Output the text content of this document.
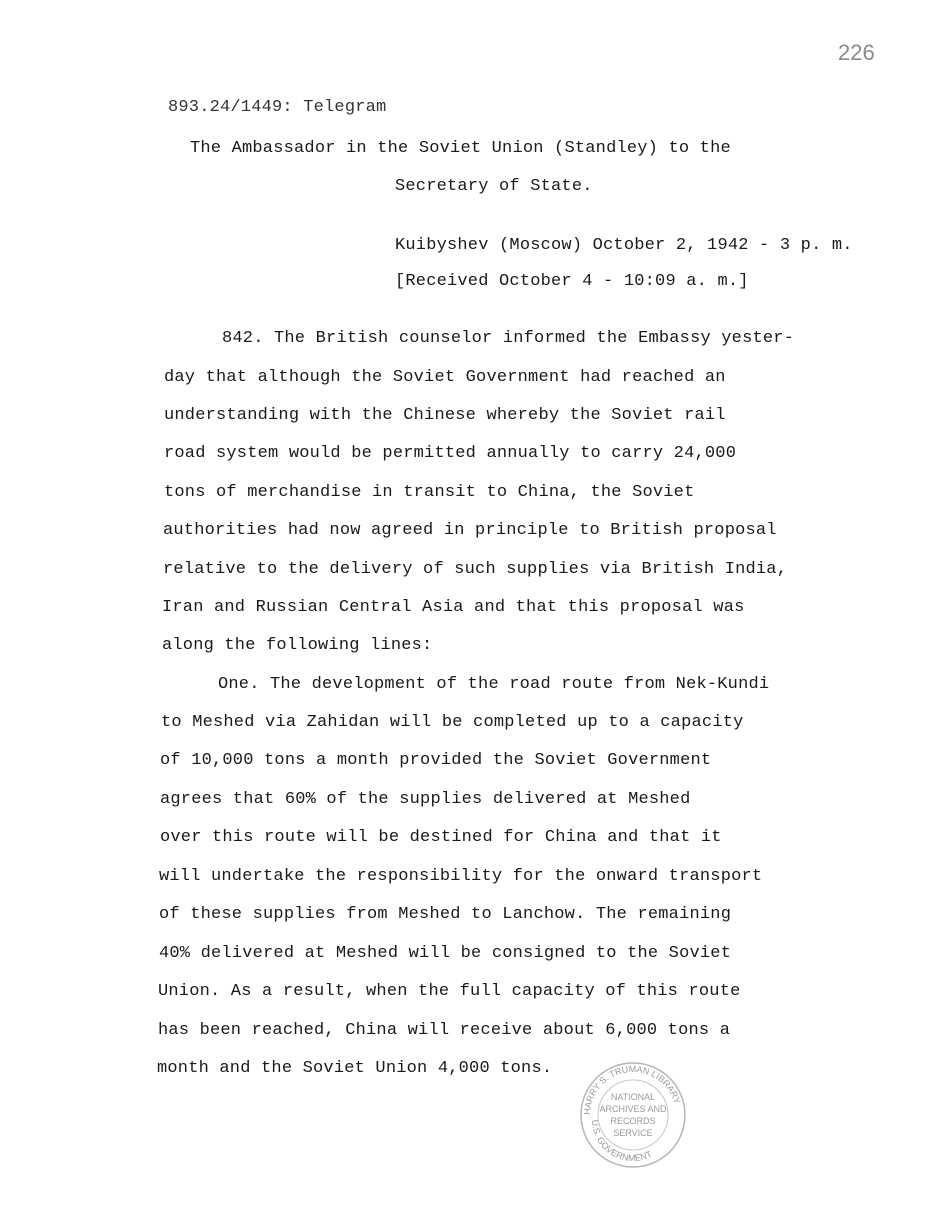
226
893.24/1449: Telegram
The Ambassador in the Soviet Union (Standley) to the
Secretary of State.
Kuibyshev (Moscow) October 2, 1942 - 3 p. m.
[Received October 4 - 10:09 a. m.]
842. The British counselor informed the Embassy yester-
day that although the Soviet Government had reached an
understanding with the Chinese whereby the Soviet rail
road system would be permitted annually to carry 24,000
tons of merchandise in transit to China, the Soviet
authorities had now agreed in principle to British proposal
relative to the delivery of such supplies via British India,
Iran and Russian Central Asia and that this proposal was
along the following lines:
One. The development of the road route from Nek-Kundi
to Meshed via Zahidan will be completed up to a capacity
of 10,000 tons a month provided the Soviet Government
agrees that 60% of the supplies delivered at Meshed
over this route will be destined for China and that it
will undertake the responsibility for the onward transport
of these supplies from Meshed to Lanchow. The remaining
40% delivered at Meshed will be consigned to the Soviet
Union. As a result, when the full capacity of this route
has been reached, China will receive about 6,000 tons a
month and the Soviet Union 4,000 tons.
HARRY S. TRUMAN LIBRARY
U.S. GOVERNMENT
NATIONAL
ARCHIVES AND
RECORDS
SERVICE
